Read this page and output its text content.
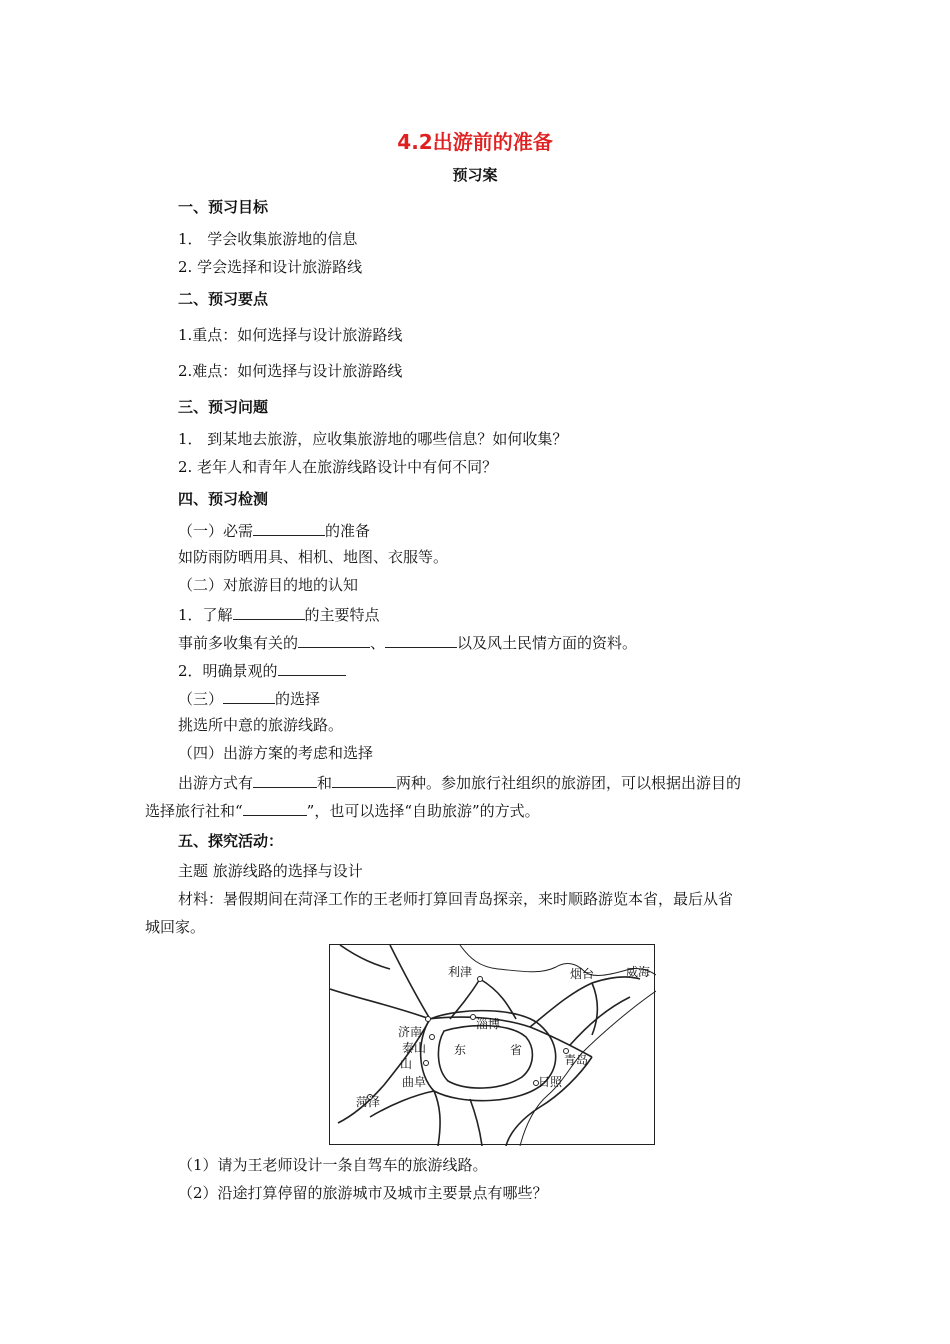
4.2出游前的准备
预习案
一、预习目标
1． 学会收集旅游地的信息
2. 学会选择和设计旅游路线
二、预习要点
1.重点：如何选择与设计旅游路线
2.难点：如何选择与设计旅游路线
三、预习问题
1． 到某地去旅游，应收集旅游地的哪些信息？如何收集？
2. 老年人和青年人在旅游线路设计中有何不同？
四、预习检测
（一）必需	的准备
如防雨防晒用具、相机、地图、衣服等。
（二）对旅游目的地的认知
1．了解	的主要特点
事前多收集有关的	、	以及风土民情方面的资料。
2．明确景观的
（三）	的选择
挑选所中意的旅游线路。
（四）出游方案的考虑和选择
出游方式有	和	两种。参加旅行社组织的旅游团，可以根据出游目的
选择旅行社和“	”，也可以选择“自助旅游”的方式。
五、探究活动：
主题 旅游线路的选择与设计
材料：暑假期间在菏泽工作的王老师打算回青岛探亲，来时顺路游览本省，最后从省
城回家。
利津	烟台	威海
济南
淄博
泰山
山
东	省
曲阜
青岛
日照
菏泽
（1）请为王老师设计一条自驾车的旅游线路。
（2）沿途打算停留的旅游城市及城市主要景点有哪些？
